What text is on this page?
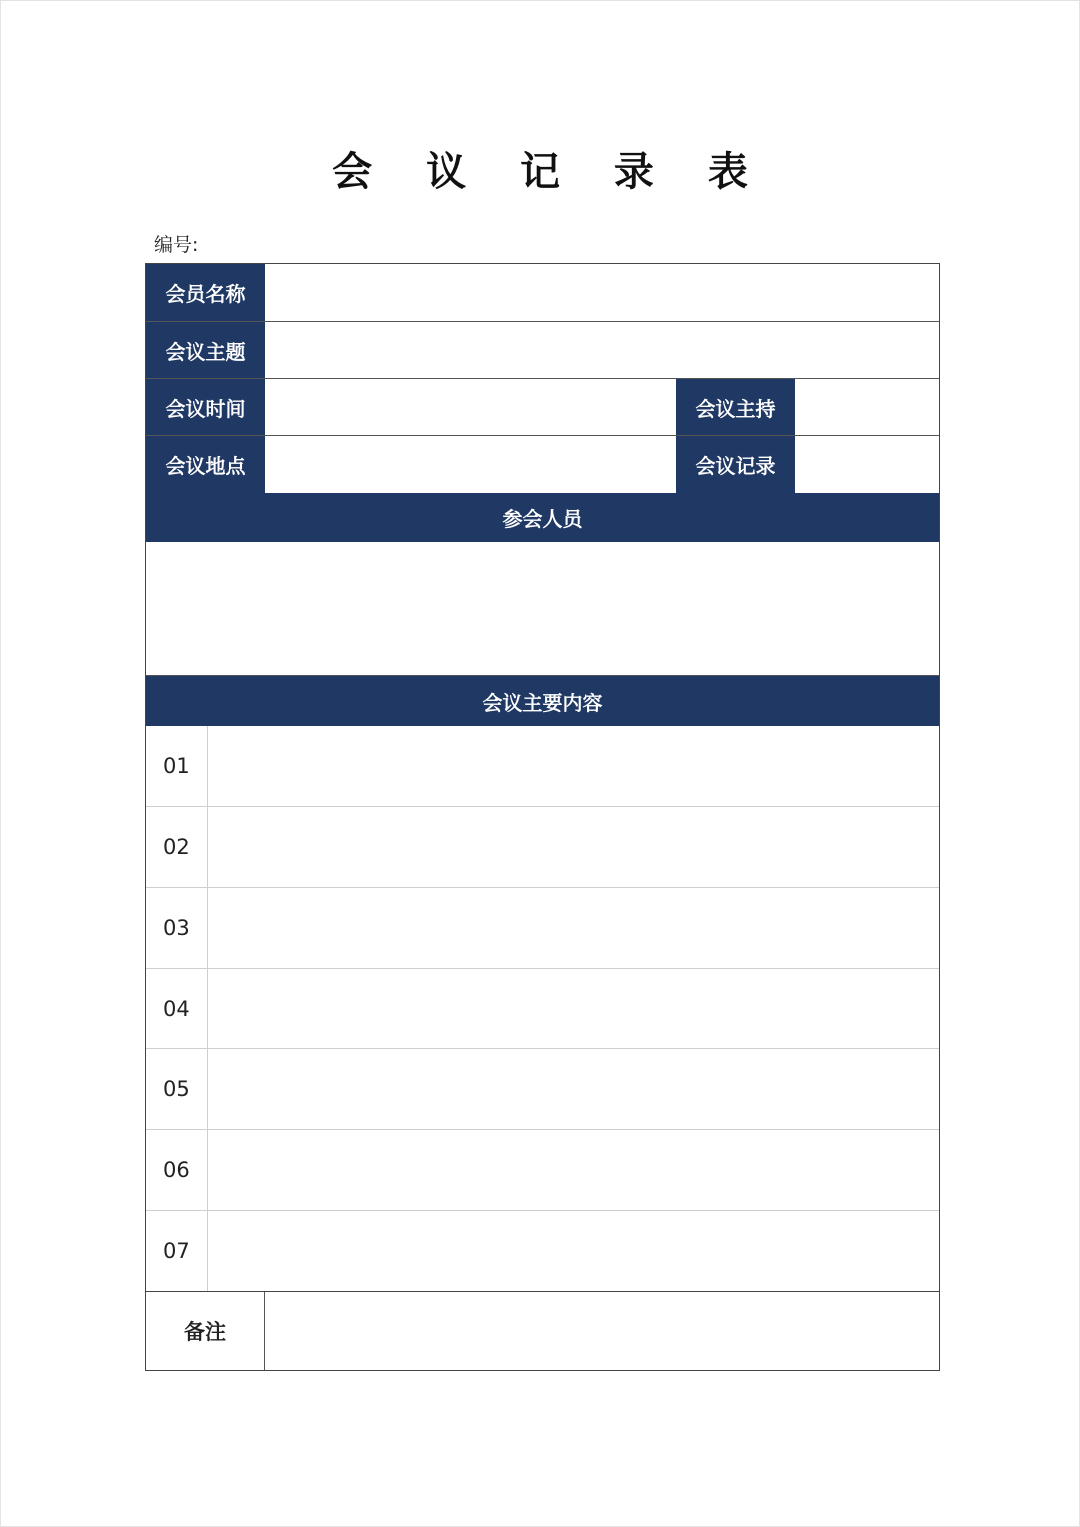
会 议 记 录 表
编号:
会员名称
会议主题
会议时间	会议主持
会议地点	会议记录
参会人员
会议主要内容
01
02
03
04
05
06
07
备注
